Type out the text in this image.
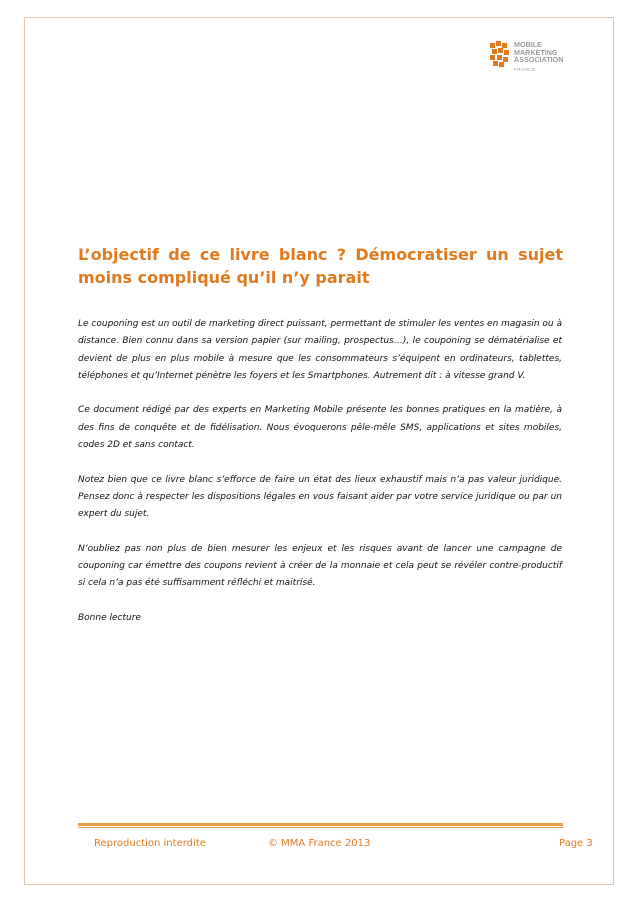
MOBILE
MARKETING
ASSOCIATION
FRANCE
L’objectif de ce livre blanc ? Démocratiser un sujet moins compliqué qu’il n’y parait

Le couponing est un outil de marketing direct puissant, permettant de stimuler les ventes en magasin ou à distance. Bien connu dans sa version papier (sur mailing, prospectus…), le couponing se dématérialise et devient de plus en plus mobile à mesure que les consommateurs s’équipent en ordinateurs, tablettes, téléphones et qu’Internet pénètre les foyers et les Smartphones. Autrement dit : à vitesse grand V.

Ce document rédigé par des experts en Marketing Mobile présente les bonnes pratiques en la matière, à des fins de conquête et de fidélisation. Nous évoquerons pêle-mêle SMS, applications et sites mobiles, codes 2D et sans contact.

Notez bien que ce livre blanc s’efforce de faire un état des lieux exhaustif mais n’a pas valeur juridique. Pensez donc à respecter les dispositions légales en vous faisant aider par votre service juridique ou par un expert du sujet.

N’oubliez pas non plus de bien mesurer les enjeux et les risques avant de lancer une campagne de couponing car émettre des coupons revient à créer de la monnaie et cela peut se révéler contre-productif si cela n’a pas été suffisamment réfléchi et maitrisé.

Bonne lecture

Reproduction interdite	© MMA France 2013	Page 3
